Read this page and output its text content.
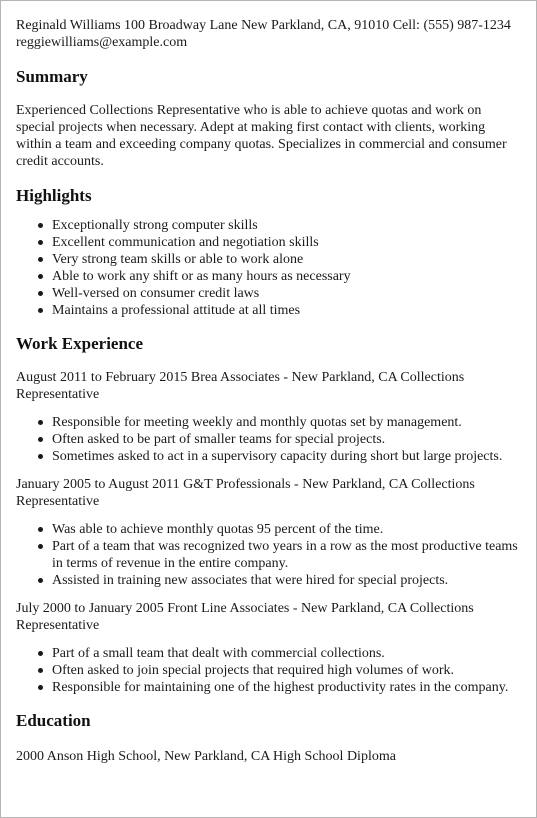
Reginald Williams 100 Broadway Lane New Parkland, CA, 91010 Cell: (555) 987-1234
reggiewilliams@example.com
Summary

Experienced Collections Representative who is able to achieve quotas and work on special projects when necessary. Adept at making first contact with clients, working within a team and exceeding company quotas. Specializes in commercial and consumer credit accounts.

Highlights
Exceptionally strong computer skills
Excellent communication and negotiation skills
Very strong team skills or able to work alone
Able to work any shift or as many hours as necessary
Well-versed on consumer credit laws
Maintains a professional attitude at all times
Work Experience

August 2011 to February 2015 Brea Associates - New Parkland, CA Collections Representative

Responsible for meeting weekly and monthly quotas set by management.
Often asked to be part of smaller teams for special projects.
Sometimes asked to act in a supervisory capacity during short but large projects.

January 2005 to August 2011 G&T Professionals - New Parkland, CA Collections Representative

Was able to achieve monthly quotas 95 percent of the time.
Part of a team that was recognized two years in a row as the most productive teams in terms of revenue in the entire company.
Assisted in training new associates that were hired for special projects.

July 2000 to January 2005 Front Line Associates - New Parkland, CA Collections Representative

Part of a small team that dealt with commercial collections.
Often asked to join special projects that required high volumes of work.
Responsible for maintaining one of the highest productivity rates in the company.
Education

2000 Anson High School, New Parkland, CA High School Diploma
